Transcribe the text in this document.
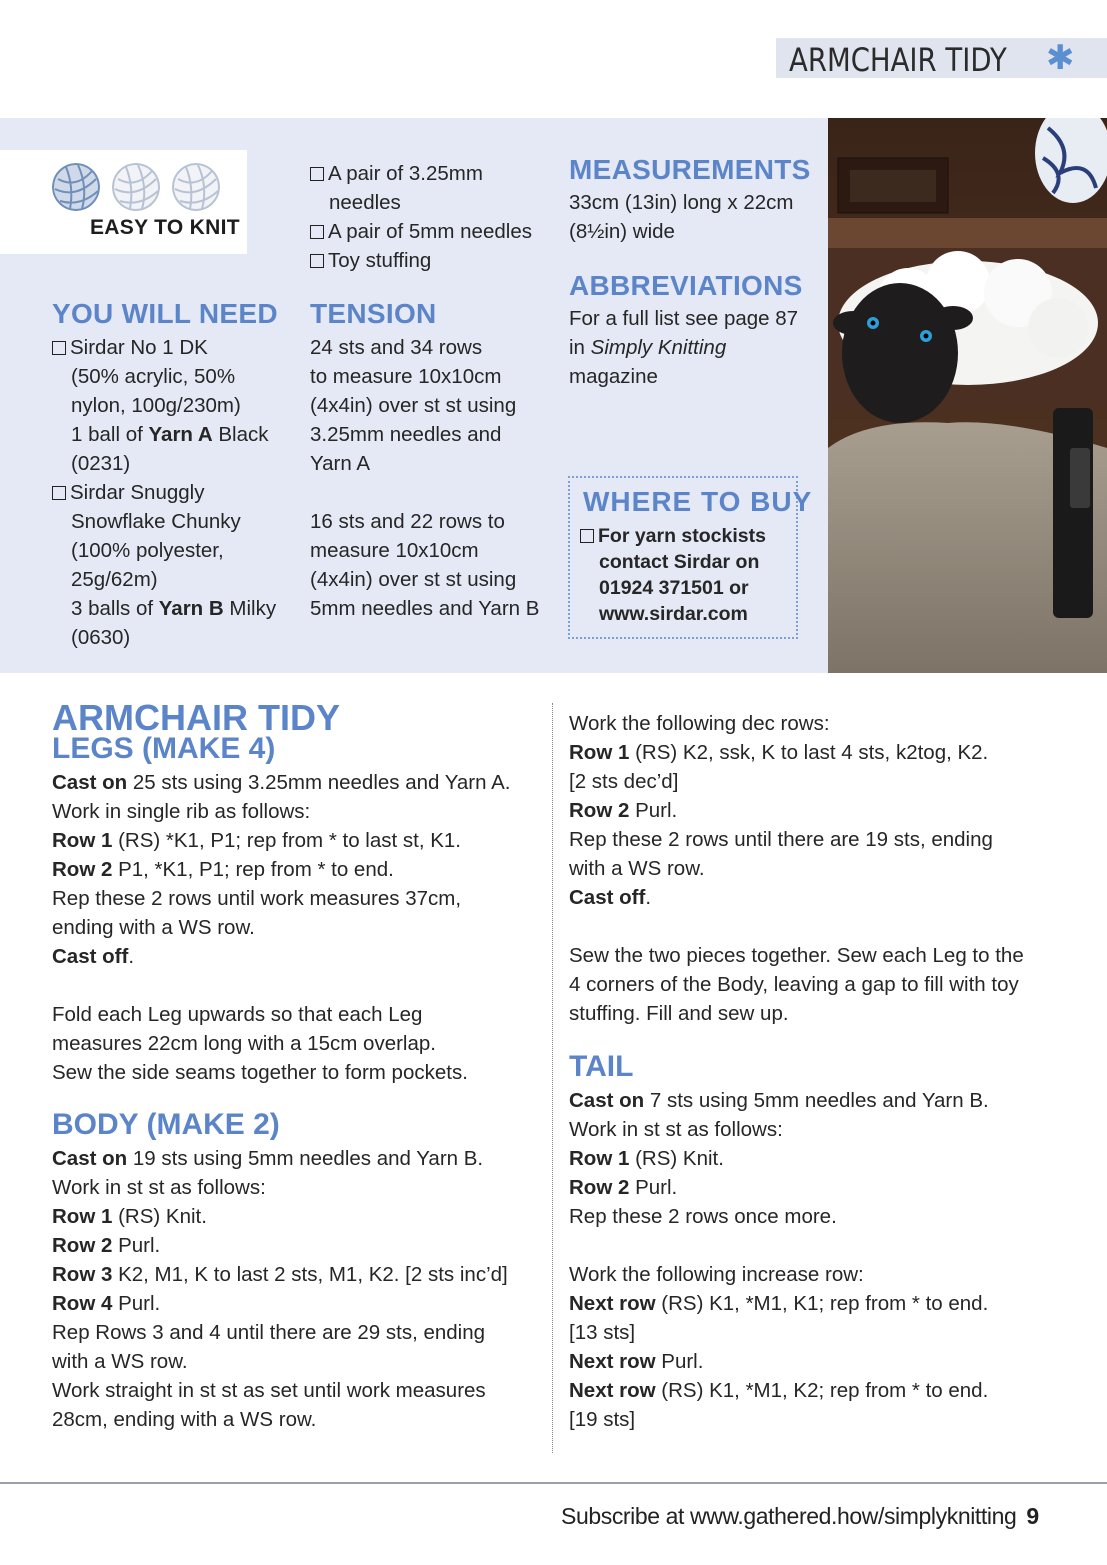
ARMCHAIR TIDY ✱
EASY TO KNIT
YOU WILL NEED
Sirdar No 1 DK
(50% acrylic, 50%
nylon, 100g/230m)
1 ball of Yarn A Black
(0231)
Sirdar Snuggly
Snowflake Chunky
(100% polyester,
25g/62m)
3 balls of Yarn B Milky
(0630)
A pair of 3.25mm
needles
A pair of 5mm needles
Toy stuffing
TENSION
24 sts and 34 rows
to measure 10x10cm
(4x4in) over st st using
3.25mm needles and
Yarn A
16 sts and 22 rows to
measure 10x10cm
(4x4in) over st st using
5mm needles and Yarn B
MEASUREMENTS
33cm (13in) long x 22cm
(8½in) wide
ABBREVIATIONS
For a full list see page 87
in Simply Knitting
magazine
WHERE TO BUY
For yarn stockists
contact Sirdar on
01924 371501 or
www.sirdar.com
ARMCHAIR TIDY
LEGS (MAKE 4)
Cast on 25 sts using 3.25mm needles and Yarn A.
Work in single rib as follows:
Row 1 (RS) *K1, P1; rep from * to last st, K1.
Row 2 P1, *K1, P1; rep from * to end.
Rep these 2 rows until work measures 37cm,
ending with a WS row.
Cast off.
Fold each Leg upwards so that each Leg
measures 22cm long with a 15cm overlap.
Sew the side seams together to form pockets.
BODY (MAKE 2)
Cast on 19 sts using 5mm needles and Yarn B.
Work in st st as follows:
Row 1 (RS) Knit.
Row 2 Purl.
Row 3 K2, M1, K to last 2 sts, M1, K2. [2 sts inc’d]
Row 4 Purl.
Rep Rows 3 and 4 until there are 29 sts, ending
with a WS row.
Work straight in st st as set until work measures
28cm, ending with a WS row.
Work the following dec rows:
Row 1 (RS) K2, ssk, K to last 4 sts, k2tog, K2.
[2 sts dec’d]
Row 2 Purl.
Rep these 2 rows until there are 19 sts, ending
with a WS row.
Cast off.
Sew the two pieces together. Sew each Leg to the
4 corners of the Body, leaving a gap to fill with toy
stuffing. Fill and sew up.
TAIL
Cast on 7 sts using 5mm needles and Yarn B.
Work in st st as follows:
Row 1 (RS) Knit.
Row 2 Purl.
Rep these 2 rows once more.
Work the following increase row:
Next row (RS) K1, *M1, K1; rep from * to end.
[13 sts]
Next row Purl.
Next row (RS) K1, *M1, K2; rep from * to end.
[19 sts]
Subscribe at www.gathered.how/simplyknitting 9
